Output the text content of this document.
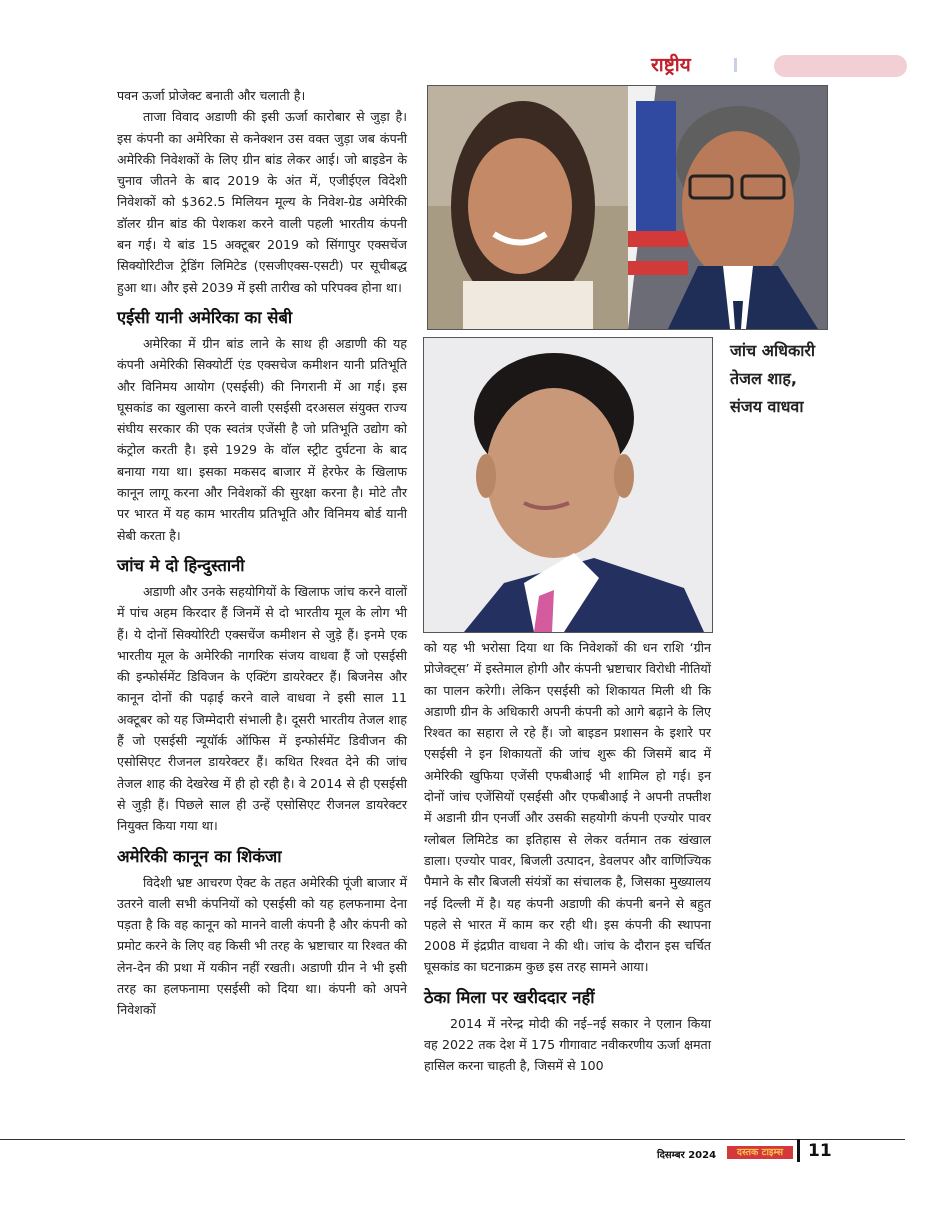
राष्ट्रीय

पवन ऊर्जा प्रोजेक्ट बनाती और चलाती है।

ताजा विवाद अडाणी की इसी ऊर्जा कारोबार से जुड़ा है। इस कंपनी का अमेरिका से कनेक्शन उस वक्त जुड़ा जब कंपनी अमेरिकी निवेशकों के लिए ग्रीन बांड लेकर आई। जो बाइडेन के चुनाव जीतने के बाद 2019 के अंत में, एजीईएल विदेशी निवेशकों को $362.5 मिलियन मूल्य के निवेश-ग्रेड अमेरिकी डॉलर ग्रीन बांड की पेशकश करने वाली पहली भारतीय कंपनी बन गई। ये बांड 15 अक्टूबर 2019 को सिंगापुर एक्सचेंज सिक्योरिटीज ट्रेडिंग लिमिटेड (एसजीएक्स-एसटी) पर सूचीबद्ध हुआ था। और इसे 2039 में इसी तारीख को परिपक्व होना था।

एईसी यानी अमेरिका का सेबी

अमेरिका में ग्रीन बांड लाने के साथ ही अडाणी की यह कंपनी अमेरिकी सिक्योर्टी एंड एक्सचेज कमीशन यानी प्रतिभूति और विनिमय आयोग (एसईसी) की निगरानी में आ गई। इस घूसकांड का खुलासा करने वाली एसईसी दरअसल संयुक्त राज्य संघीय सरकार की एक स्वतंत्र एजेंसी है जो प्रतिभूति उद्योग को कंट्रोल करती है। इसे 1929 के वॉल स्ट्रीट दुर्घटना के बाद बनाया गया था। इसका मकसद बाजार में हेरफेर के खिलाफ कानून लागू करना और निवेशकों की सुरक्षा करना है। मोटे तौर पर भारत में यह काम भारतीय प्रतिभूति और विनिमय बोर्ड यानी सेबी करता है।

जांच मे दो हिन्दुस्तानी

अडाणी और उनके सहयोगियों के खिलाफ जांच करने वालों में पांच अहम किरदार हैं जिनमें से दो भारतीय मूल के लोग भी हैं। ये दोनों सिक्योरिटी एक्सचेंज कमीशन से जुड़े हैं। इनमे एक भारतीय मूल के अमेरिकी नागरिक संजय वाधवा हैं जो एसईसी की इन्फोर्समेंट डिविजन के एक्टिंग डायरेक्टर हैं। बिजनेस और कानून दोनों की पढ़ाई करने वाले वाधवा ने इसी साल 11 अक्टूबर को यह जिम्मेदारी संभाली है। दूसरी भारतीय तेजल शाह हैं जो एसईसी न्यूयॉर्क ऑफिस में इन्फोर्समेंट डिवीजन की एसोसिएट रीजनल डायरेक्टर हैं। कथित रिश्वत देने की जांच तेजल शाह की देखरेख में ही हो रही है। वे 2014 से ही एसईसी से जुड़ी हैं। पिछले साल ही उन्हें एसोसिएट रीजनल डायरेक्टर नियुक्त किया गया था।

अमेरिकी कानून का शिकंजा

विदेशी भ्रष्ट आचरण ऐक्ट के तहत अमेरिकी पूंजी बाजार में उतरने वाली सभी कंपनियों को एसईसी को यह हलफनामा देना पड़ता है कि वह कानून को मानने वाली कंपनी है और कंपनी को प्रमोट करने के लिए वह किसी भी तरह के भ्रष्टाचार या रिश्वत की लेन-देन की प्रथा में यकीन नहीं रखती। अडाणी ग्रीन ने भी इसी तरह का हलफनामा एसईसी को दिया था। कंपनी को अपने निवेशकों

जांच अधिकारी
तेजल शाह,
संजय वाधवा

को यह भी भरोसा दिया था कि निवेशकों की धन राशि ‘ग्रीन प्रोजेक्ट्स’ में इस्तेमाल होगी और कंपनी भ्रष्टाचार विरोधी नीतियों का पालन करेगी। लेकिन एसईसी को शिकायत मिली थी कि अडाणी ग्रीन के अधिकारी अपनी कंपनी को आगे बढ़ाने के लिए रिश्वत का सहारा ले रहे हैं। जो बाइडन प्रशासन के इशारे पर एसईसी ने इन शिकायतों की जांच शुरू की जिसमें बाद में अमेरिकी खुफिया एजेंसी एफबीआई भी शामिल हो गई। इन दोनों जांच एजेंसियों एसईसी और एफबीआई ने अपनी तफ्तीश में अडानी ग्रीन एनर्जी और उसकी सहयोगी कंपनी एज्योर पावर ग्लोबल लिमिटेड का इतिहास से लेकर वर्तमान तक खंखाल डाला। एज्योर पावर, बिजली उत्पादन, डेवलपर और वाणिज्यिक पैमाने के सौर बिजली संयंत्रों का संचालक है, जिसका मुख्यालय नई दिल्ली में है। यह कंपनी अडाणी की कंपनी बनने से बहुत पहले से भारत में काम कर रही थी। इस कंपनी की स्थापना 2008 में इंद्रप्रीत वाधवा ने की थी। जांच के दौरान इस चर्चित घूसकांड का घटनाक्रम कुछ इस तरह सामने आया।

ठेका मिला पर खरीददार नहीं

2014 में नरेन्द्र मोदी की नई–नई सकार ने एलान किया वह 2022 तक देश में 175 गीगावाट नवीकरणीय ऊर्जा क्षमता हासिल करना चाहती है, जिसमें से 100

दिसम्बर 2024	दस्तक टाइम्स	11
